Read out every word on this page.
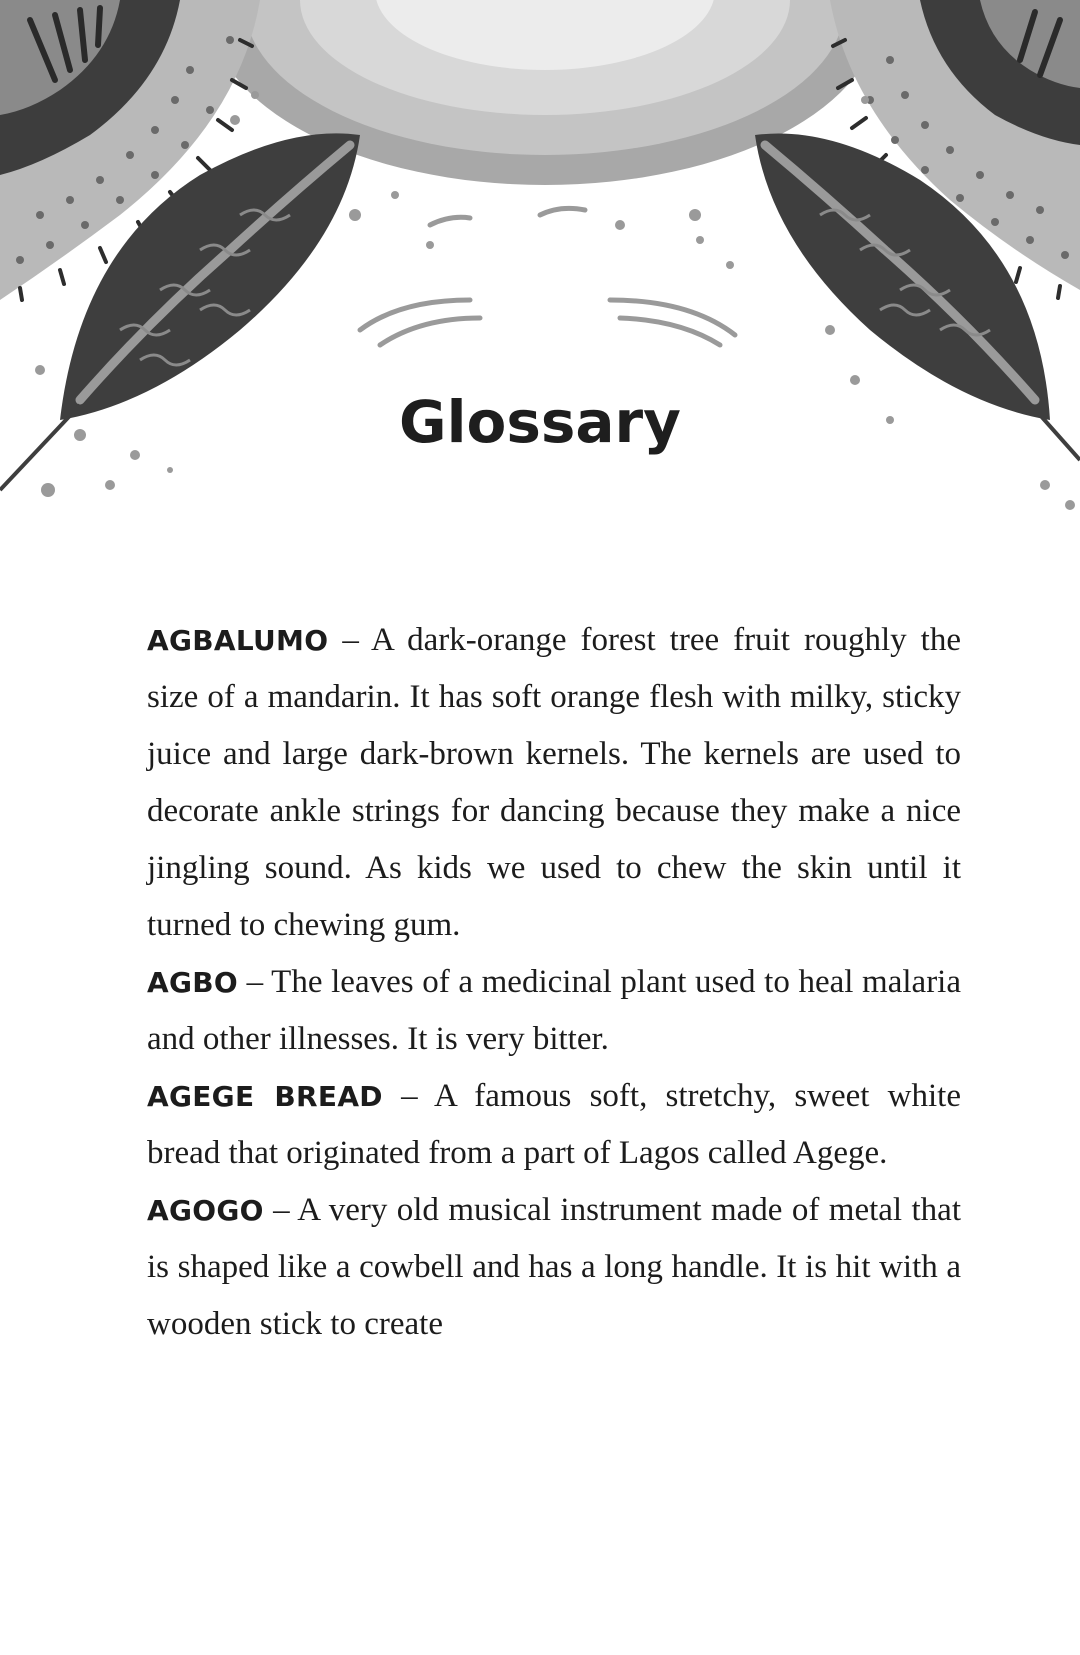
Glossary

AGBALUMO – A dark-orange forest tree fruit roughly the size of a mandarin. It has soft orange flesh with milky, sticky juice and large dark-brown kernels. The kernels are used to decorate ankle strings for dancing because they make a nice jingling sound. As kids we used to chew the skin until it turned to chewing gum.

AGBO – The leaves of a medicinal plant used to heal malaria and other illnesses. It is very bitter.

AGEGE BREAD – A famous soft, stretchy, sweet white bread that originated from a part of Lagos called Agege.

AGOGO – A very old musical instrument made of metal that is shaped like a cowbell and has a long handle. It is hit with a wooden stick to create
